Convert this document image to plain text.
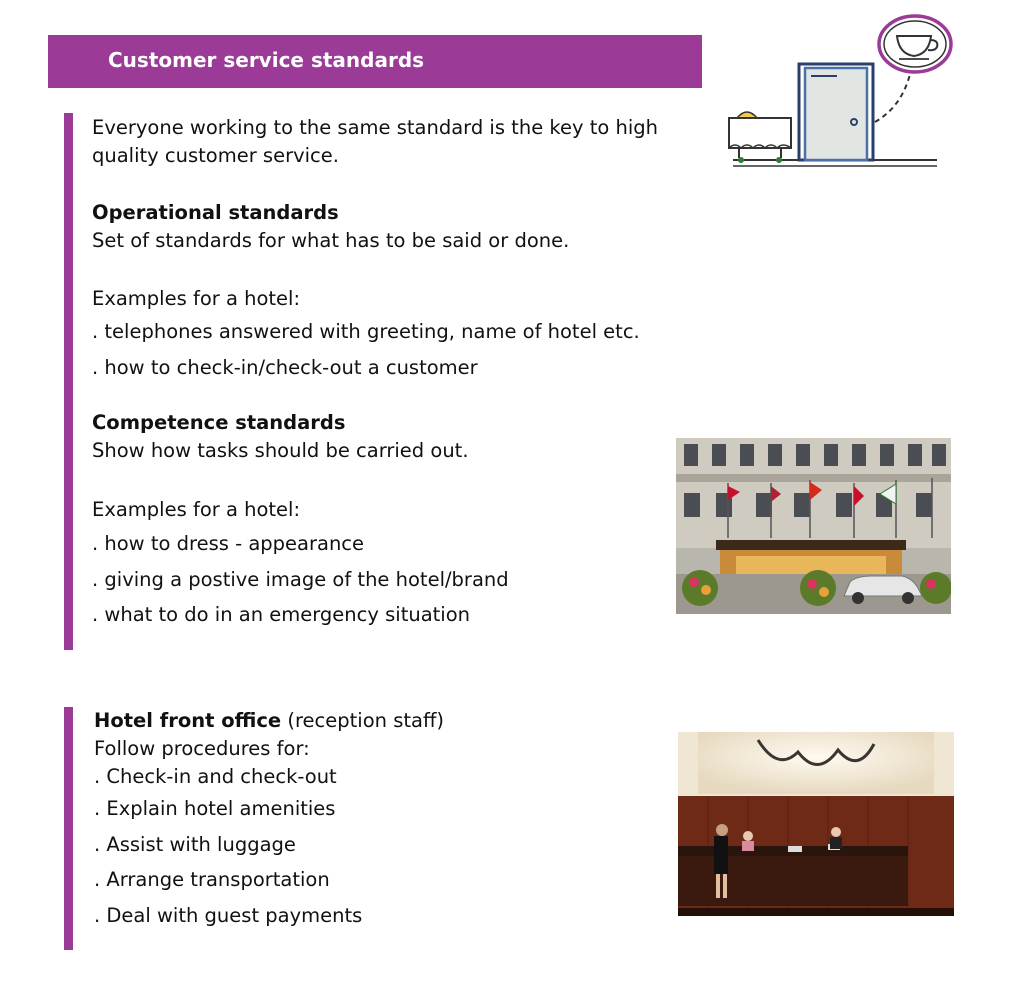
Customer service standards

Everyone working to the same standard is the key to high

quality customer service.

Operational standards

Set of standards for what has to be said or done.

Examples for a hotel:

. telephones answered with greeting, name of hotel etc.

. how to check-in/check-out a customer

Competence standards

Show how tasks should be carried out.

Examples for a hotel:

. how to dress - appearance

. giving a postive image of the hotel/brand

. what to do in an emergency situation

Hotel front office (reception staff)

Follow procedures for:

. Check-in and check-out

. Explain hotel amenities

. Assist with luggage

. Arrange transportation

. Deal with guest payments
